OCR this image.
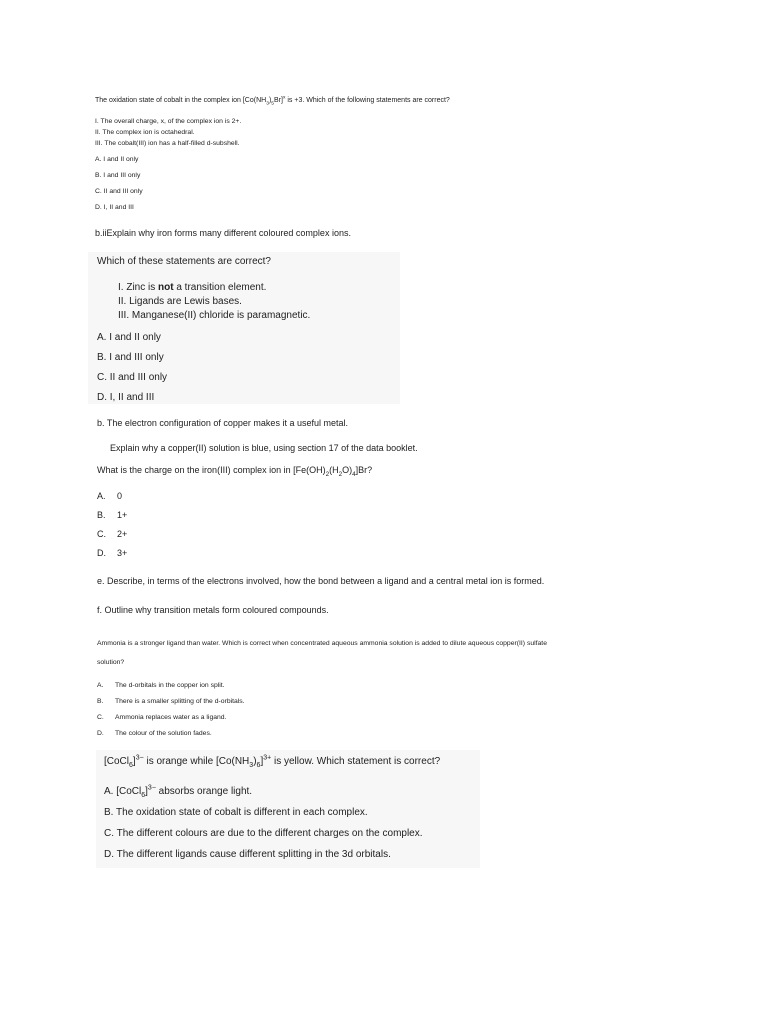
The oxidation state of cobalt in the complex ion $[Co(NH_3)_5Br]^x$ is +3. Which of the following statements are correct?
I. The overall charge, x, of the complex ion is 2+.
II. The complex ion is octahedral.
III. The cobalt(III) ion has a half-filled d-subshell.
A. I and II only
B. I and III only
C. II and III only
D. I, II and III
b.iiExplain why iron forms many different coloured complex ions.
Which of these statements are correct?
I. Zinc is not a transition element.
II. Ligands are Lewis bases.
III. Manganese(II) chloride is paramagnetic.
A. I and II only
B. I and III only
C. II and III only
D. I, II and III
b. The electron configuration of copper makes it a useful metal.
Explain why a copper(II) solution is blue, using section 17 of the data booklet.
What is the charge on the iron(III) complex ion in $[Fe(OH)_2(H_2O)_4]Br$?
A. 0
B. 1+
C. 2+
D. 3+
e. Describe, in terms of the electrons involved, how the bond between a ligand and a central metal ion is formed.
f. Outline why transition metals form coloured compounds.
Ammonia is a stronger ligand than water. Which is correct when concentrated aqueous ammonia solution is added to dilute aqueous copper(II) sulfate
solution?
A. The d-orbitals in the copper ion split.
B. There is a smaller splitting of the d-orbitals.
C. Ammonia replaces water as a ligand.
D. The colour of the solution fades.
[CoCl$_6$]$^{3-}$ is orange while $[Co(NH_3)_6]^{3+}$ is yellow. Which statement is correct?
A. [CoCl$_6$]$^{3-}$ absorbs orange light.
B. The oxidation state of cobalt is different in each complex.
C. The different colours are due to the different charges on the complex.
D. The different ligands cause different splitting in the 3d orbitals.
